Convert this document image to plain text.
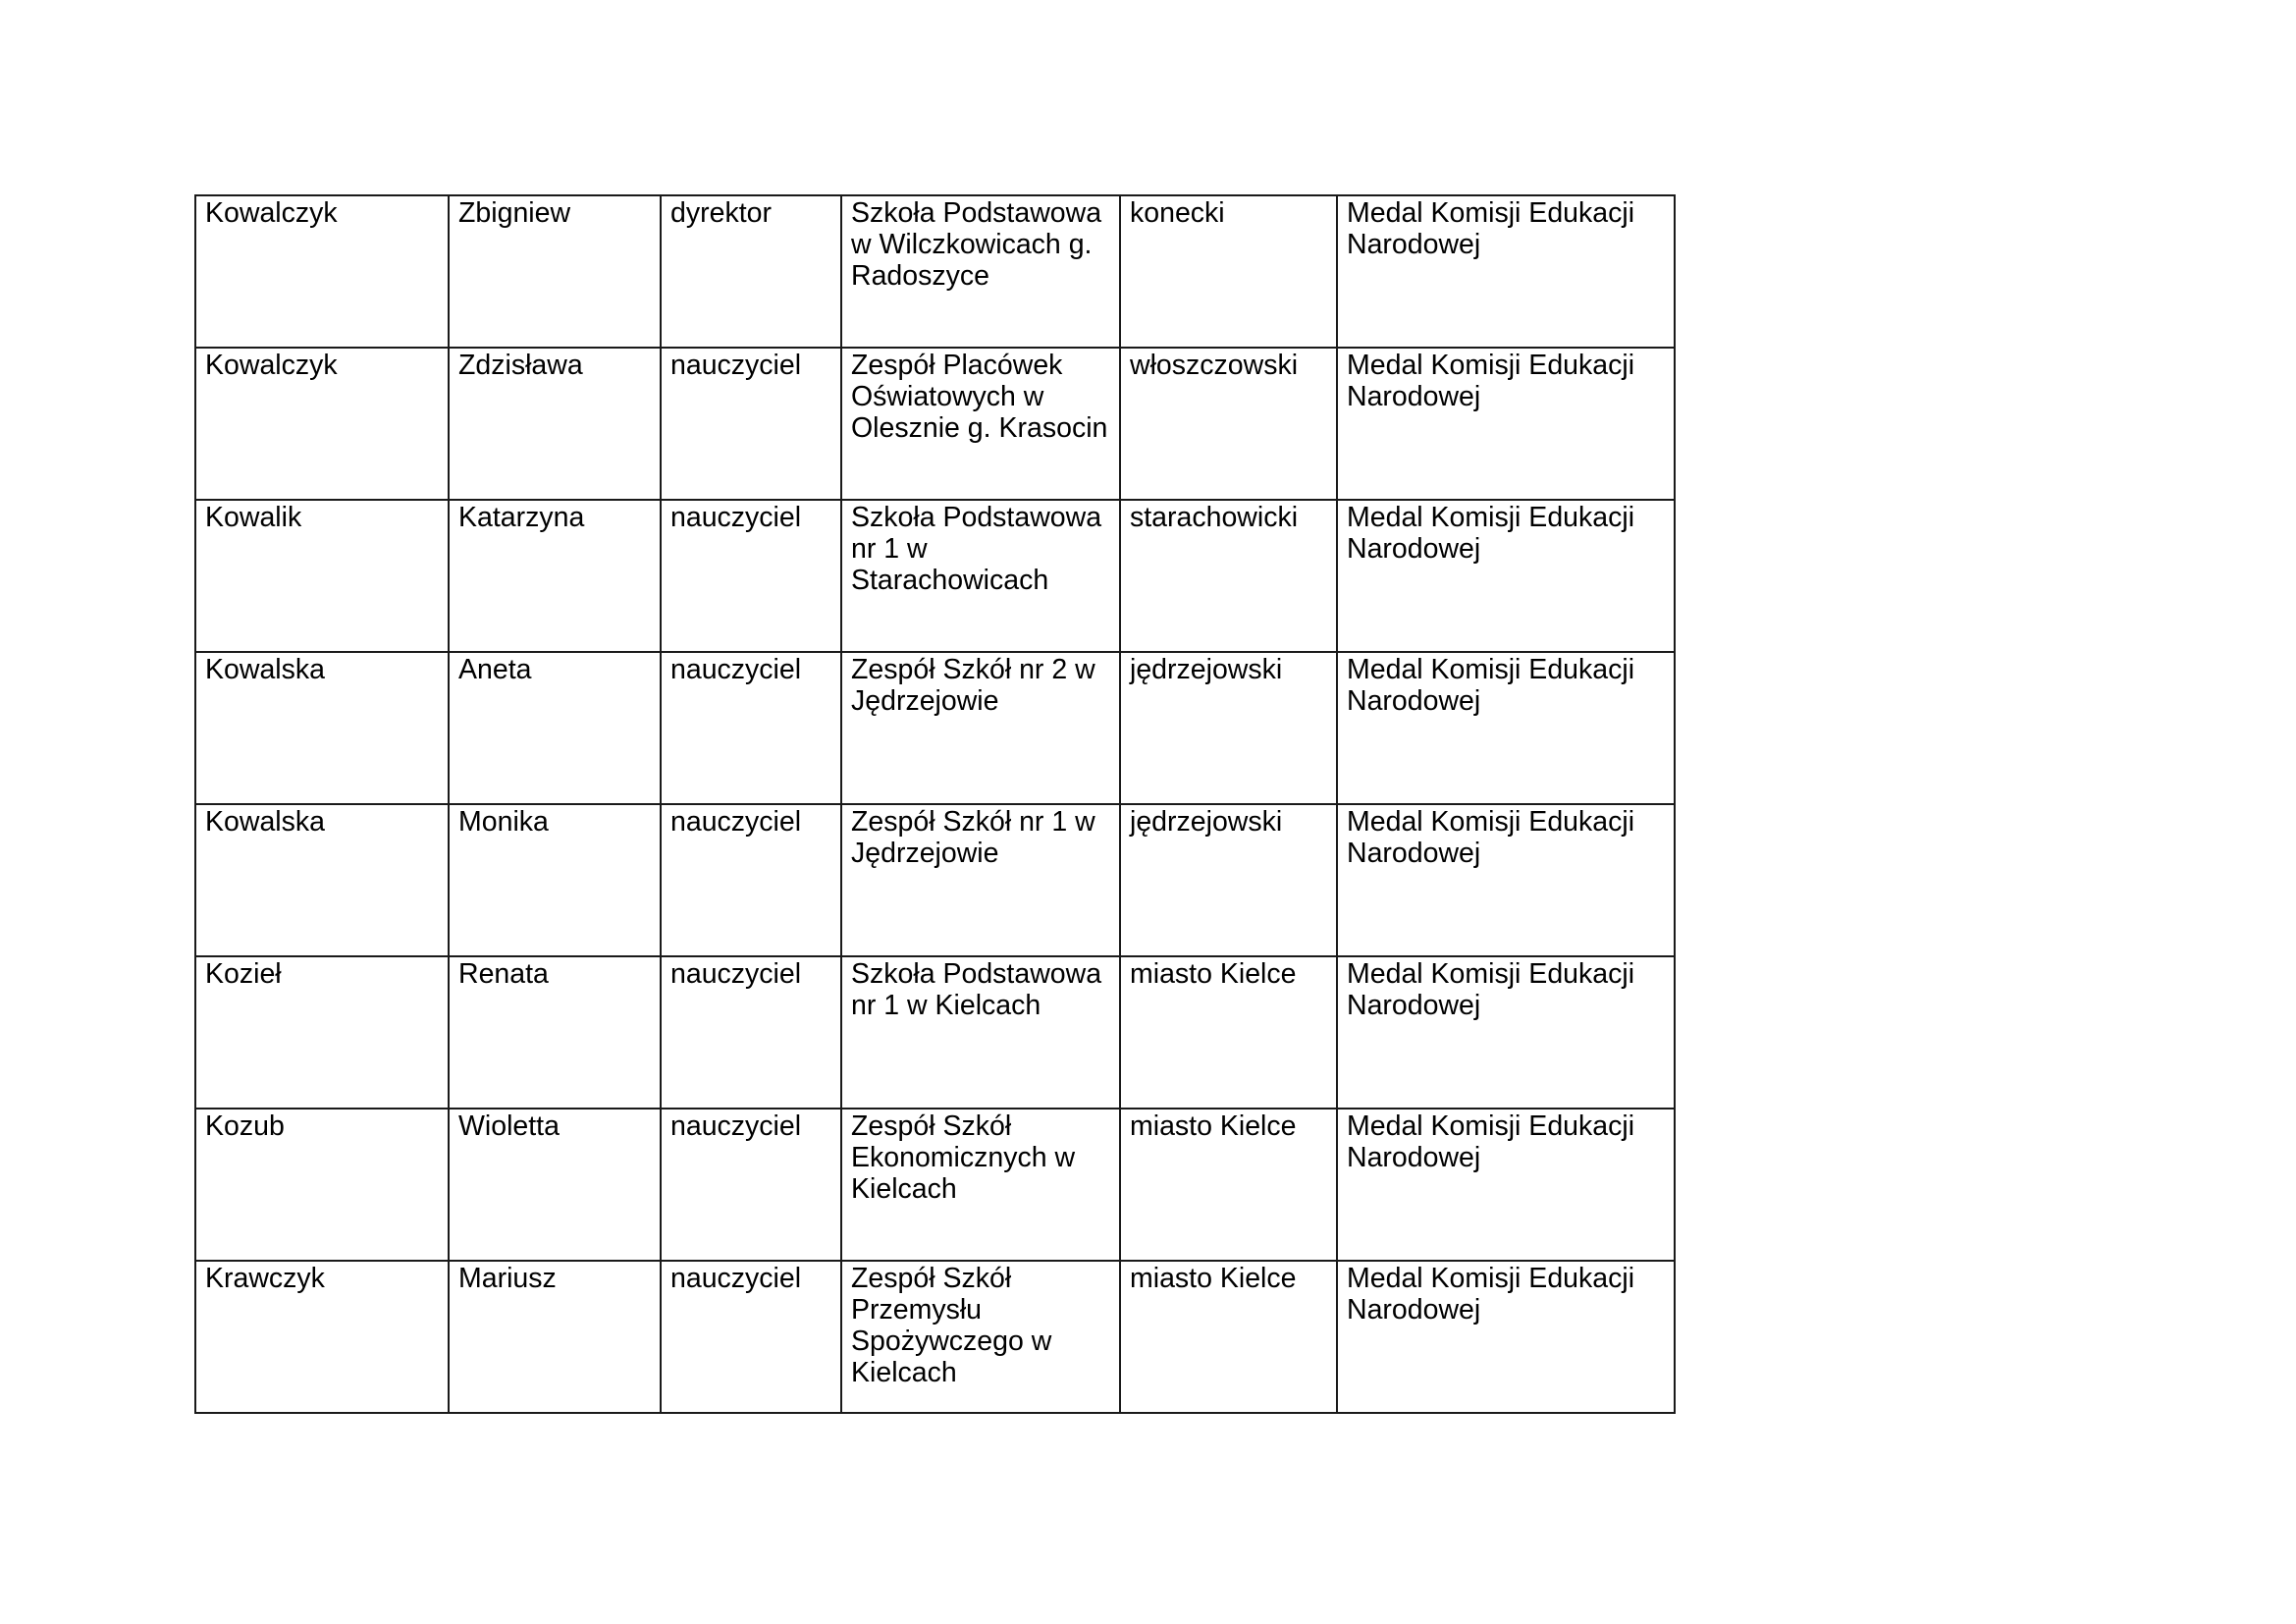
Kowalczyk	Zbigniew	dyrektor	Szkoła Podstawowa w Wilczkowicach g. Radoszyce	konecki	Medal Komisji Edukacji Narodowej
Kowalczyk	Zdzisława	nauczyciel	Zespół Placówek Oświatowych w Olesznie g. Krasocin	włoszczowski	Medal Komisji Edukacji Narodowej
Kowalik	Katarzyna	nauczyciel	Szkoła Podstawowa nr 1 w Starachowicach	starachowicki	Medal Komisji Edukacji Narodowej
Kowalska	Aneta	nauczyciel	Zespół Szkół nr 2 w Jędrzejowie	jędrzejowski	Medal Komisji Edukacji Narodowej
Kowalska	Monika	nauczyciel	Zespół Szkół nr 1 w Jędrzejowie	jędrzejowski	Medal Komisji Edukacji Narodowej
Kozieł	Renata	nauczyciel	Szkoła Podstawowa nr 1 w Kielcach	miasto Kielce	Medal Komisji Edukacji Narodowej
Kozub	Wioletta	nauczyciel	Zespół Szkół Ekonomicznych w Kielcach	miasto Kielce	Medal Komisji Edukacji Narodowej
Krawczyk	Mariusz	nauczyciel	Zespół Szkół Przemysłu Spożywczego w Kielcach	miasto Kielce	Medal Komisji Edukacji Narodowej
